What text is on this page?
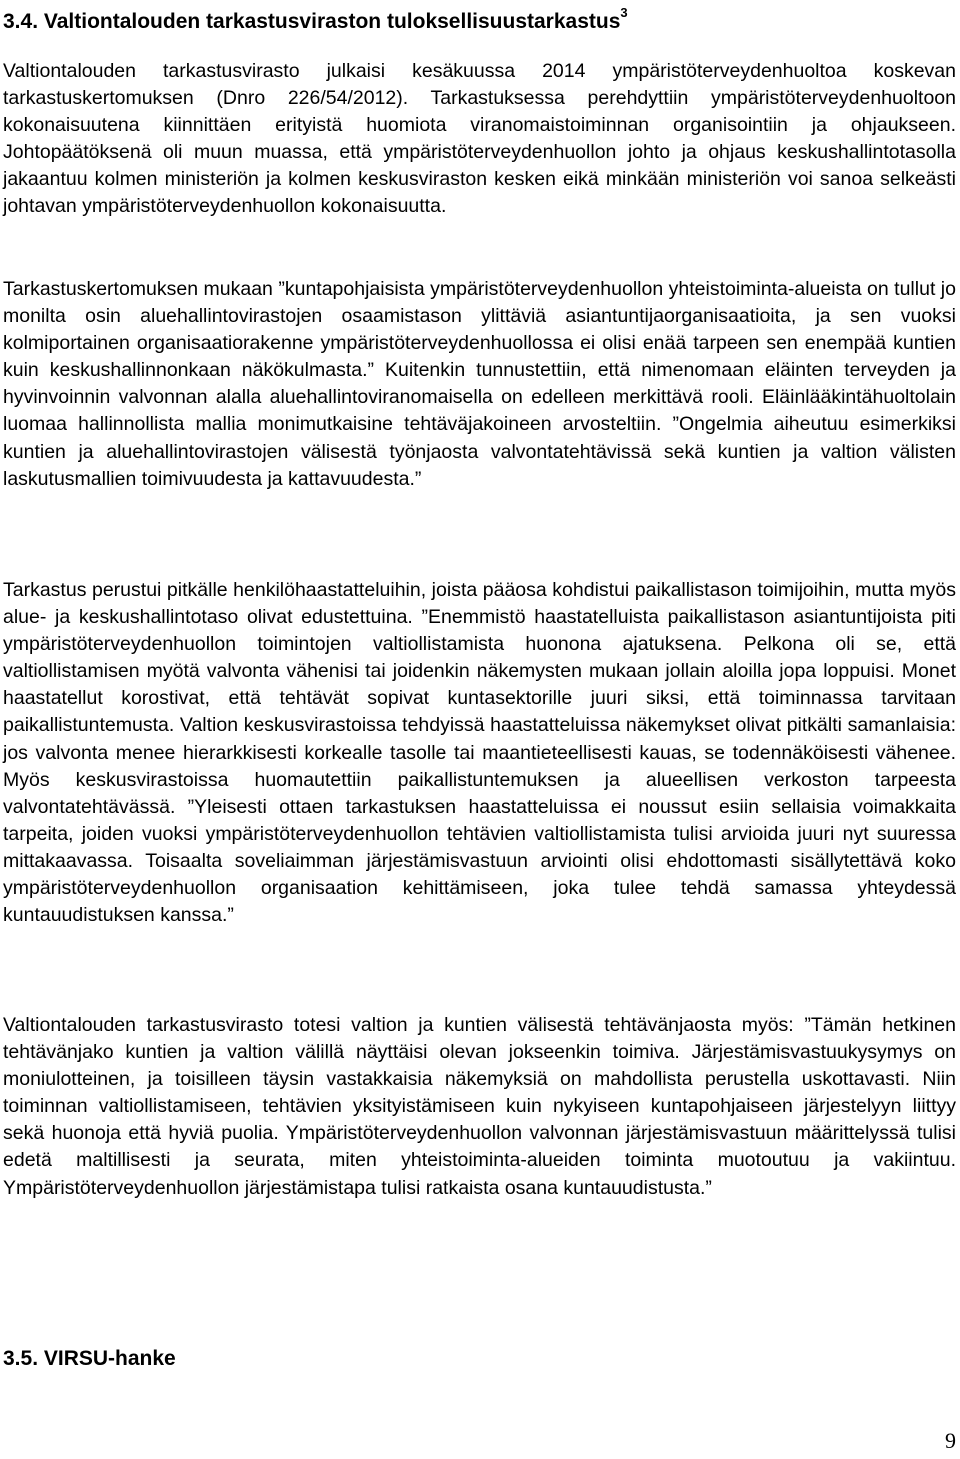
3.4. Valtiontalouden tarkastusviraston tuloksellisuustarkastus$^3$

Valtiontalouden tarkastusvirasto julkaisi kesäkuussa 2014 ympäristöterveydenhuoltoa koskevan tarkastuskertomuksen (Dnro 226/54/2012). Tarkastuksessa perehdyttiin ympäristöterveydenhuoltoon kokonaisuutena kiinnittäen erityistä huomiota viranomaistoiminnan organisointiin ja ohjaukseen. Johtopäätöksenä oli muun muassa, että ympäristöterveydenhuollon johto ja ohjaus keskushallintotasolla jakaantuu kolmen ministeriön ja kolmen keskusviraston kesken eikä minkään ministeriön voi sanoa selkeästi johtavan ympäristöterveydenhuollon kokonaisuutta.

Tarkastuskertomuksen mukaan ”kuntapohjaisista ympäristöterveydenhuollon yhteistoiminta-alueista on tullut jo monilta osin aluehallintovirastojen osaamistason ylittäviä asiantuntijaorganisaatioita, ja sen vuoksi kolmiportainen organisaatiorakenne ympäristöterveydenhuollossa ei olisi enää tarpeen sen enempää kuntien kuin keskushallinnonkaan näkökulmasta.” Kuitenkin tunnustettiin, että nimenomaan eläinten terveyden ja hyvinvoinnin valvonnan alalla aluehallintoviranomaisella on edelleen merkittävä rooli. Eläinlääkintähuoltolain luomaa hallinnollista mallia monimutkaisine tehtäväjakoineen arvosteltiin. ”Ongelmia aiheutuu esimerkiksi kuntien ja aluehallintovirastojen välisestä työnjaosta valvontatehtävissä sekä kuntien ja valtion välisten laskutusmallien toimivuudesta ja kattavuudesta.”

Tarkastus perustui pitkälle henkilöhaastatteluihin, joista pääosa kohdistui paikallistason toimijoihin, mutta myös alue- ja keskushallintotaso olivat edustettuina. ”Enemmistö haastatelluista paikallistason asiantuntijoista piti ympäristöterveydenhuollon toimintojen valtiollistamista huonona ajatuksena. Pelkona oli se, että valtiollistamisen myötä valvonta vähenisi tai joidenkin näkemysten mukaan jollain aloilla jopa loppuisi. Monet haastatellut korostivat, että tehtävät sopivat kuntasektorille juuri siksi, että toiminnassa tarvitaan paikallistuntemusta. Valtion keskusvirastoissa tehdyissä haastatteluissa näkemykset olivat pitkälti samanlaisia: jos valvonta menee hierarkkisesti korkealle tasolle tai maantieteellisesti kauas, se todennäköisesti vähenee. Myös keskusvirastoissa huomautettiin paikallistuntemuksen ja alueellisen verkoston tarpeesta valvontatehtävässä. ”Yleisesti ottaen tarkastuksen haastatteluissa ei noussut esiin sellaisia voimakkaita tarpeita, joiden vuoksi ympäristöterveydenhuollon tehtävien valtiollistamista tulisi arvioida juuri nyt suuressa mittakaavassa. Toisaalta soveliaimman järjestämisvastuun arviointi olisi ehdottomasti sisällytettävä koko ympäristöterveydenhuollon organisaation kehittämiseen, joka tulee tehdä samassa yhteydessä kuntauudistuksen kanssa.”

Valtiontalouden tarkastusvirasto totesi valtion ja kuntien välisestä tehtävänjaosta myös: ”Tämän hetkinen tehtävänjako kuntien ja valtion välillä näyttäisi olevan jokseenkin toimiva. Järjestämisvastuukysymys on moniulotteinen, ja toisilleen täysin vastakkaisia näkemyksiä on mahdollista perustella uskottavasti. Niin toiminnan valtiollistamiseen, tehtävien yksityistämiseen kuin nykyiseen kuntapohjaiseen järjestelyyn liittyy sekä huonoja että hyviä puolia. Ympäristöterveydenhuollon valvonnan järjestämisvastuun määrittelyssä tulisi edetä maltillisesti ja seurata, miten yhteistoiminta-alueiden toiminta muotoutuu ja vakiintuu. Ympäristöterveydenhuollon järjestämistapa tulisi ratkaista osana kuntauudistusta.”

3.5. VIRSU-hanke
9
